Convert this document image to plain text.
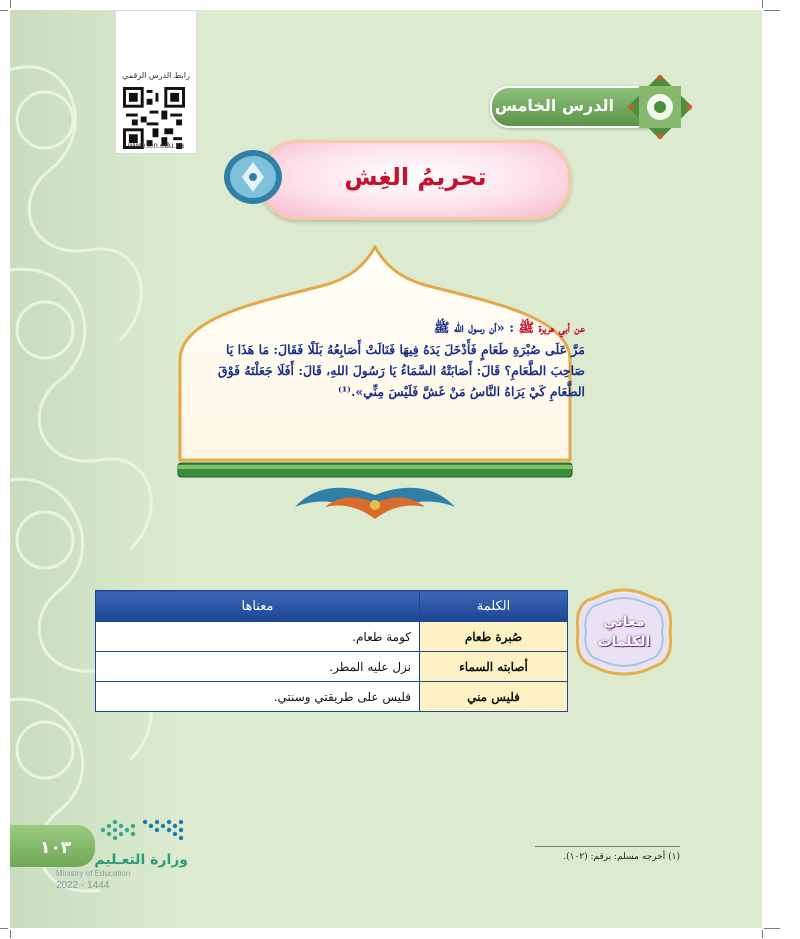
رابط الدرس الرقمي
www.ien.edu.sa
الدرس الخامس
تحريمُ الغِش
عن أبي هريرة ﷺ : «أن رسول الله ﷺ
مَرَّ عَلَى صُبْرَةِ طَعَامٍ فَأَدْخَلَ يَدَهُ فِيهَا فَنَالَتْ أَصَابِعُهُ بَلَلًا فَقَالَ: مَا هَذَا يَا صَاحِبَ الطَّعَامِ؟ قَالَ: أَصَابَتْهُ السَّمَاءُ يَا رَسُولَ اللهِ، قَالَ: أَفَلَا جَعَلْتَهُ فَوْقَ الطَّعَامِ كَيْ يَرَاهُ النَّاسُ مَنْ غَشَّ فَلَيْسَ مِنِّي».⁽¹⁾
معاني
الكلمات
الكلمة	معناها
صُبرة طعام	كومة طعام.
أصابته السماء	نزل عليه المطر.
فليس مني	فليس على طريقتي وسنتي.
(١) أخرجه مسلم: برقم: (١٠٢).
١٠٣
وزارة التعـليم
Ministry of Education
2022 - 1444
